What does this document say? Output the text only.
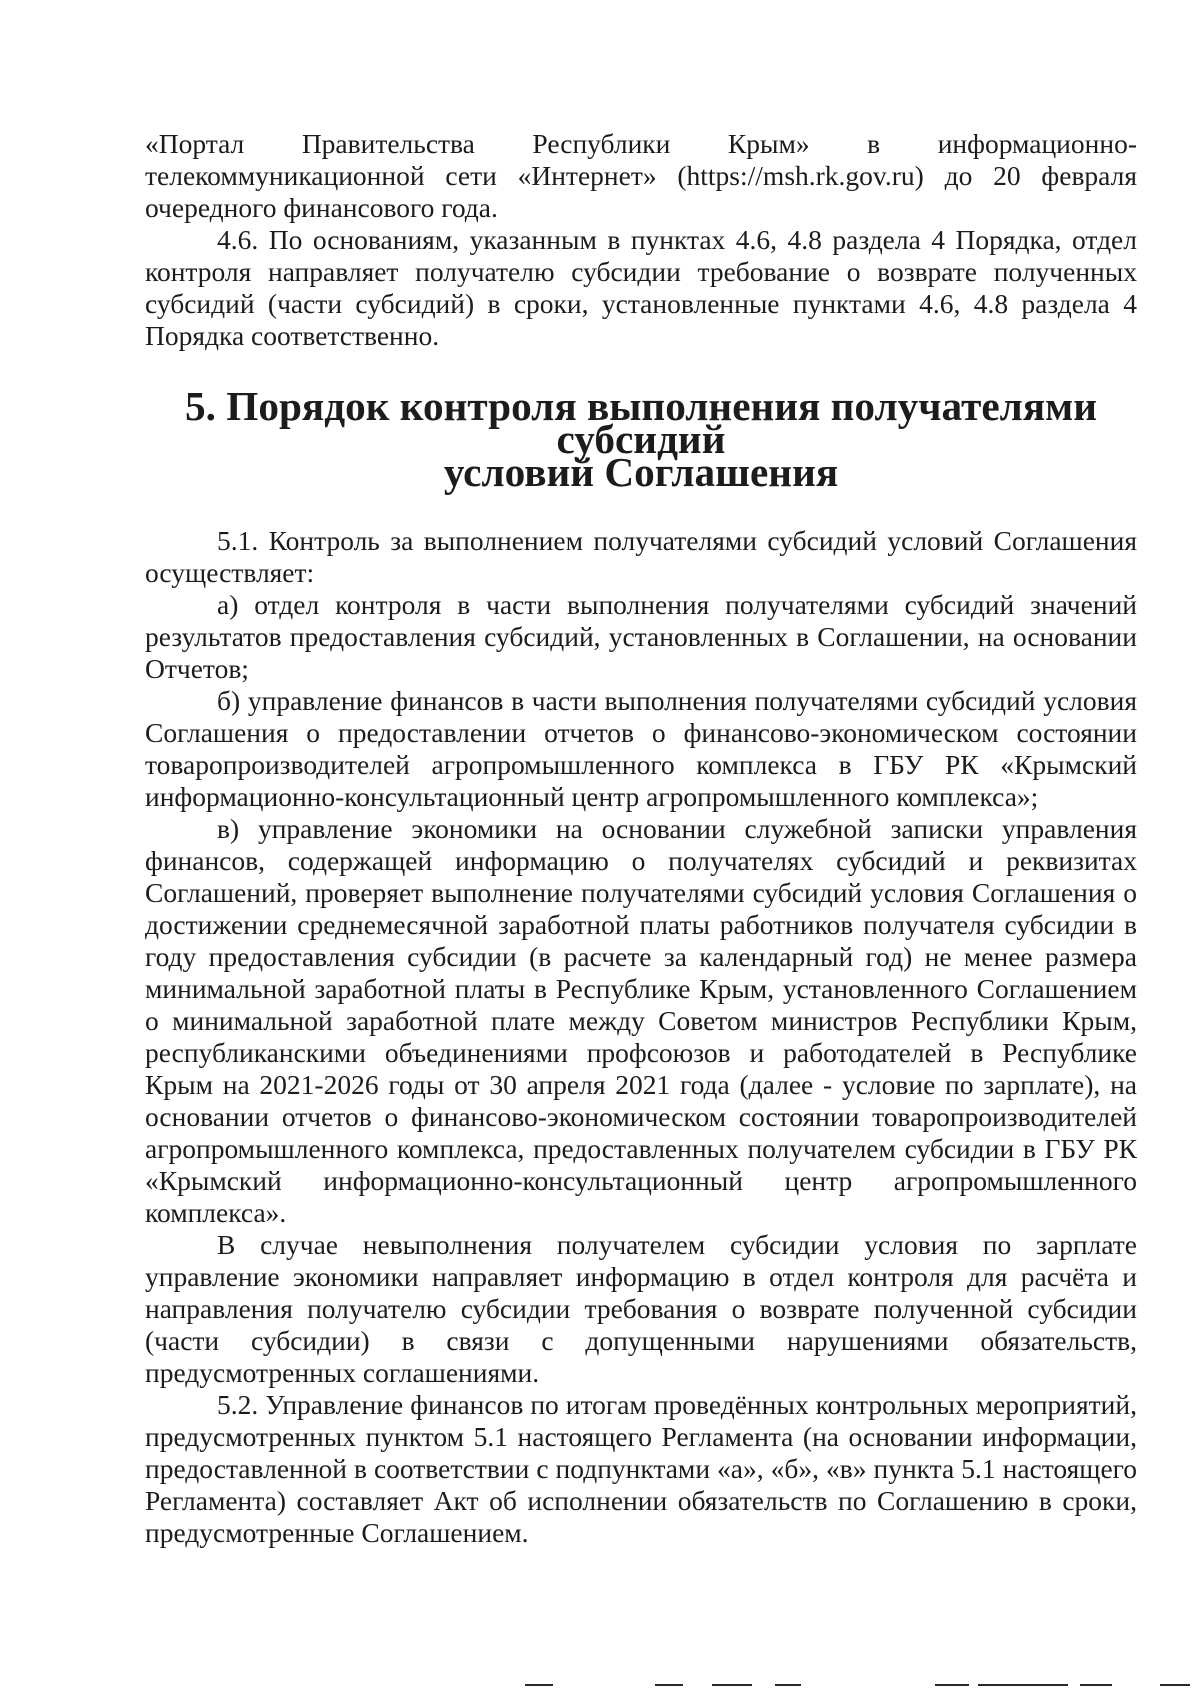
«Портал Правительства Республики Крым» в информационно-телекоммуникационной сети «Интернет» (https://msh.rk.gov.ru) до 20 февраля очередного финансового года.

4.6. По основаниям, указанным в пунктах 4.6, 4.8 раздела 4 Порядка, отдел контроля направляет получателю субсидии требование о возврате полученных субсидий (части субсидий) в сроки, установленные пунктами 4.6, 4.8 раздела 4 Порядка соответственно.

5. Порядок контроля выполнения получателями субсидий
условий Соглашения

5.1. Контроль за выполнением получателями субсидий условий Соглашения осуществляет:

а) отдел контроля в части выполнения получателями субсидий значений результатов предоставления субсидий, установленных в Соглашении, на основании Отчетов;

б) управление финансов в части выполнения получателями субсидий условия Соглашения о предоставлении отчетов о финансово-экономическом состоянии товаропроизводителей агропромышленного комплекса в ГБУ РК «Крымский информационно-консультационный центр агропромышленного комплекса»;

в) управление экономики на основании служебной записки управления финансов, содержащей информацию о получателях субсидий и реквизитах Соглашений, проверяет выполнение получателями субсидий условия Соглашения о достижении среднемесячной заработной платы работников получателя субсидии в году предоставления субсидии (в расчете за календарный год) не менее размера минимальной заработной платы в Республике Крым, установленного Соглашением о минимальной заработной плате между Советом министров Республики Крым, республиканскими объединениями профсоюзов и работодателей в Республике Крым на 2021-2026 годы от 30 апреля 2021 года (далее - условие по зарплате), на основании отчетов о финансово-экономическом состоянии товаропроизводителей агропромышленного комплекса, предоставленных получателем субсидии в ГБУ РК «Крымский информационно-консультационный центр агропромышленного комплекса».

В случае невыполнения получателем субсидии условия по зарплате управление экономики направляет информацию в отдел контроля для расчёта и направления получателю субсидии требования о возврате полученной субсидии (части субсидии) в связи с допущенными нарушениями обязательств, предусмотренных соглашениями.

5.2. Управление финансов по итогам проведённых контрольных мероприятий, предусмотренных пунктом 5.1 настоящего Регламента (на основании информации, предоставленной в соответствии с подпунктами «а», «б», «в» пункта 5.1 настоящего Регламента) составляет Акт об исполнении обязательств по Соглашению в сроки, предусмотренные Соглашением.
